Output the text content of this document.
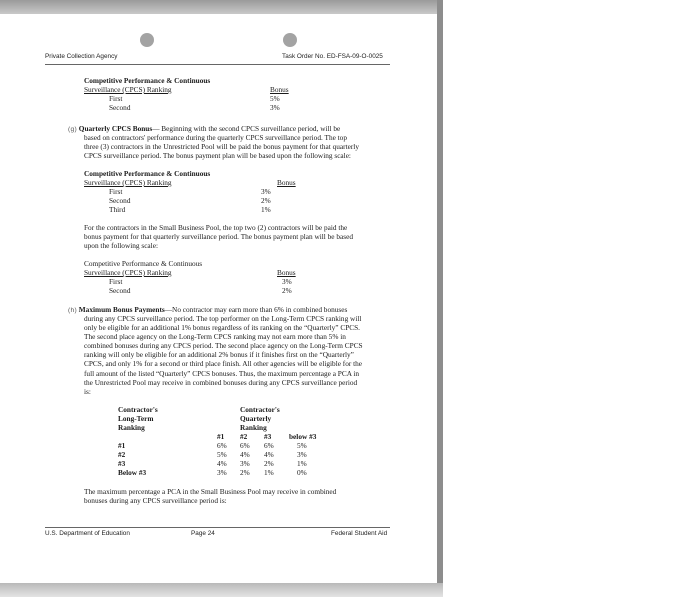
Private Collection Agency	Task Order No. ED-FSA-09-O-0025
Competitive Performance & Continuous
Surveillance (CPCS) Ranking	Bonus
First	5%
Second	3%
(g) Quarterly CPCS Bonus— Beginning with the second CPCS surveillance period, will be
based on contractors' performance during the quarterly CPCS surveillance period. The top
three (3) contractors in the Unrestricted Pool will be paid the bonus payment for that quarterly
CPCS surveillance period. The bonus payment plan will be based upon the following scale:
Competitive Performance & Continuous
Surveillance (CPCS) Ranking	Bonus
First	3%
Second	2%
Third	1%
For the contractors in the Small Business Pool, the top two (2) contractors will be paid the
bonus payment for that quarterly surveillance period. The bonus payment plan will be based
upon the following scale:
Competitive Performance & Continuous
Surveillance (CPCS) Ranking	Bonus
First	3%
Second	2%
(h) Maximum Bonus Payments—No contractor may earn more than 6% in combined bonuses
during any CPCS surveillance period. The top performer on the Long-Term CPCS ranking will
only be eligible for an additional 1% bonus regardless of its ranking on the “Quarterly” CPCS.
The second place agency on the Long-Term CPCS ranking may not earn more than 5% in
combined bonuses during any CPCS period. The second place agency on the Long-Term CPCS
ranking will only be eligible for an additional 2% bonus if it finishes first on the “Quarterly”
CPCS, and only 1% for a second or third place finish. All other agencies will be eligible for the
full amount of the listed “Quarterly” CPCS bonuses. Thus, the maximum percentage a PCA in
the Unrestricted Pool may receive in combined bonuses during any CPCS surveillance period
is:
Contractor's
Long-Term
Ranking
Contractor's
Quarterly
Ranking
#1 #2 #3 below #3
#1	6% 6% 6%	5%
#2	5% 4% 4%	3%
#3	4% 3% 2%	1%
Below #3	3% 2% 1%	0%
The maximum percentage a PCA in the Small Business Pool may receive in combined
bonuses during any CPCS surveillance period is:
U.S. Department of Education	Page 24	Federal Student Aid
